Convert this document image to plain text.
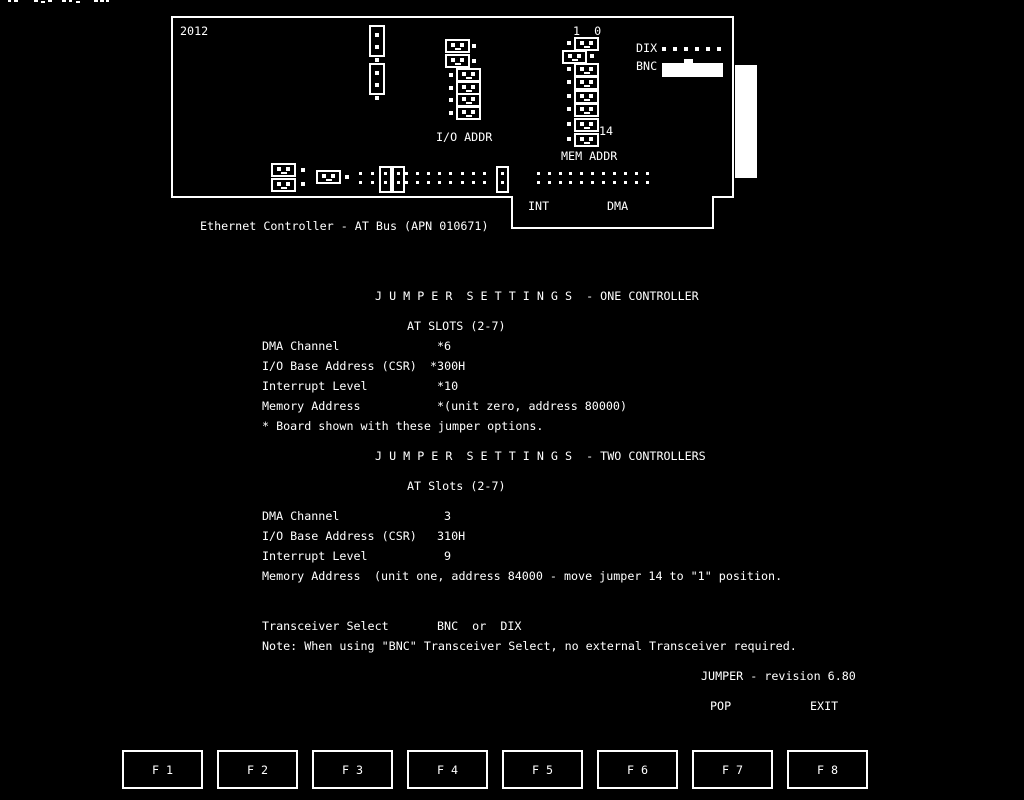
2012
I/O ADDR
1  0
14
MEM ADDR
DIX
BNC
INT	DMA
Ethernet Controller - AT Bus (APN 010671)
J U M P E R  S E T T I N G S  - ONE CONTROLLER
AT SLOTS (2-7)
DMA Channel	*6
I/O Base Address (CSR) *300H
Interrupt Level	*10
Memory Address	*(unit zero, address 80000)
* Board shown with these jumper options.
J U M P E R  S E T T I N G S  - TWO CONTROLLERS
AT Slots (2-7)
DMA Channel	3
I/O Base Address (CSR) 310H
Interrupt Level	9
Memory Address (unit one, address 84000 - move jumper 14 to "1" position.
Transceiver Select	BNC  or  DIX
Note: When using "BNC" Transceiver Select, no external Transceiver required.
JUMPER - revision 6.80
POP	EXIT
F 1	F 2	F 3	F 4	F 5	F 6	F 7	F 8
